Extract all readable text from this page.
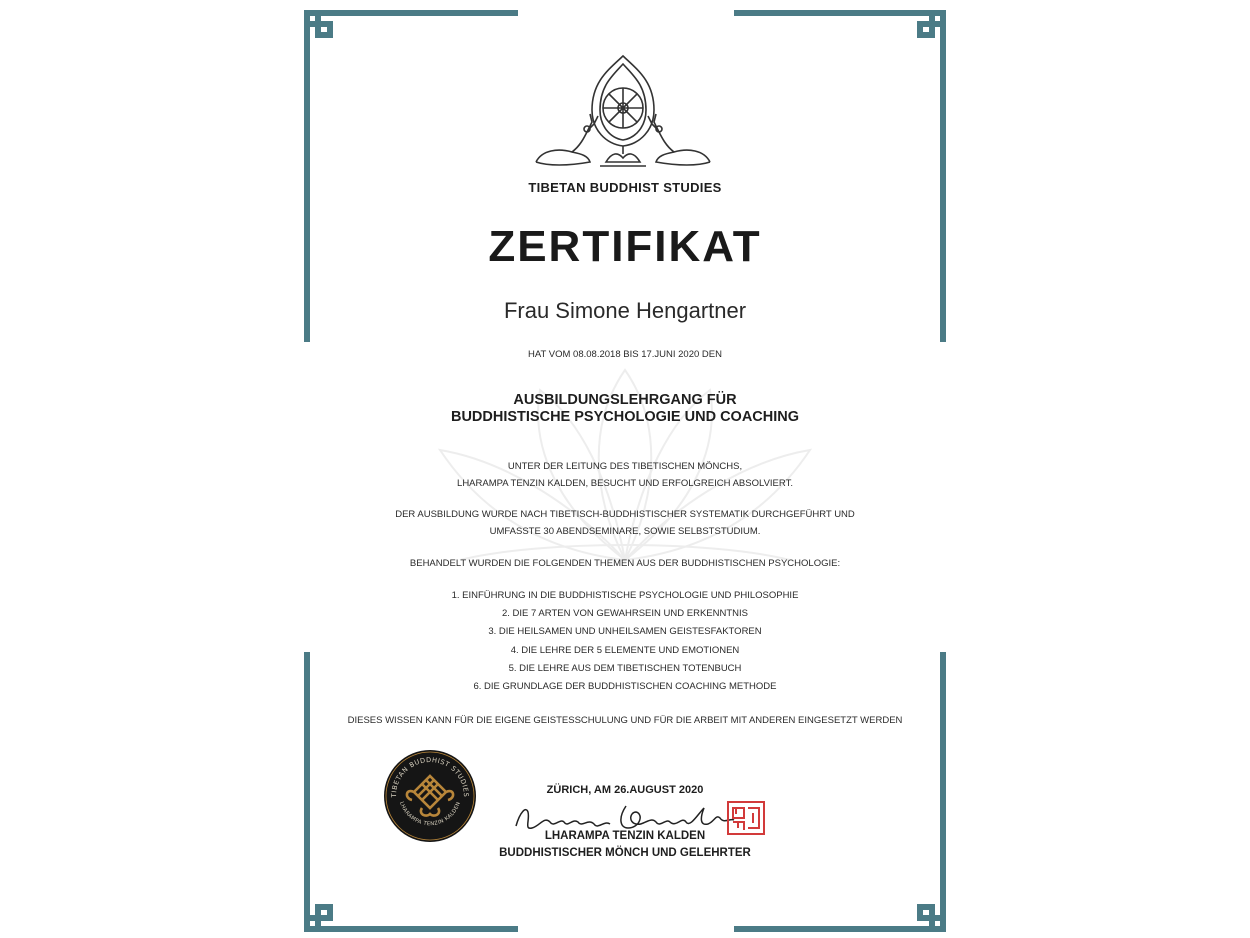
TIBETAN BUDDHIST STUDIES
ZERTIFIKAT
Frau Simone Hengartner
HAT VOM 08.08.2018 BIS 17.JUNI 2020 DEN
AUSBILDUNGSLEHRGANG FÜR
BUDDHISTISCHE PSYCHOLOGIE UND COACHING
UNTER DER LEITUNG DES TIBETISCHEN MÖNCHS,
LHARAMPA TENZIN KALDEN, BESUCHT UND ERFOLGREICH ABSOLVIERT.
DER AUSBILDUNG WURDE NACH TIBETISCH-BUDDHISTISCHER SYSTEMATIK DURCHGEFÜHRT UND
UMFASSTE 30 ABENDSEMINARE, SOWIE SELBSTSTUDIUM.
BEHANDELT WURDEN DIE FOLGENDEN THEMEN AUS DER BUDDHISTISCHEN PSYCHOLOGIE:
1. EINFÜHRUNG IN DIE BUDDHISTISCHE PSYCHOLOGIE UND PHILOSOPHIE
2. DIE 7 ARTEN VON GEWAHRSEIN UND ERKENNTNIS
3. DIE HEILSAMEN UND UNHEILSAMEN GEISTESFAKTOREN
4. DIE LEHRE DER 5 ELEMENTE UND EMOTIONEN
5. DIE LEHRE AUS DEM TIBETISCHEN TOTENBUCH
6. DIE GRUNDLAGE DER BUDDHISTISCHEN COACHING METHODE
DIESES WISSEN KANN FÜR DIE EIGENE GEISTESSCHULUNG UND FÜR DIE ARBEIT MIT ANDEREN EINGESETZT WERDEN
TIBETAN BUDDHIST STUDIES
LHARAMPA TENZIN KALDEN
ZÜRICH, AM 26.AUGUST 2020
LHARAMPA TENZIN KALDEN
BUDDHISTISCHER MÖNCH UND GELEHRTER
